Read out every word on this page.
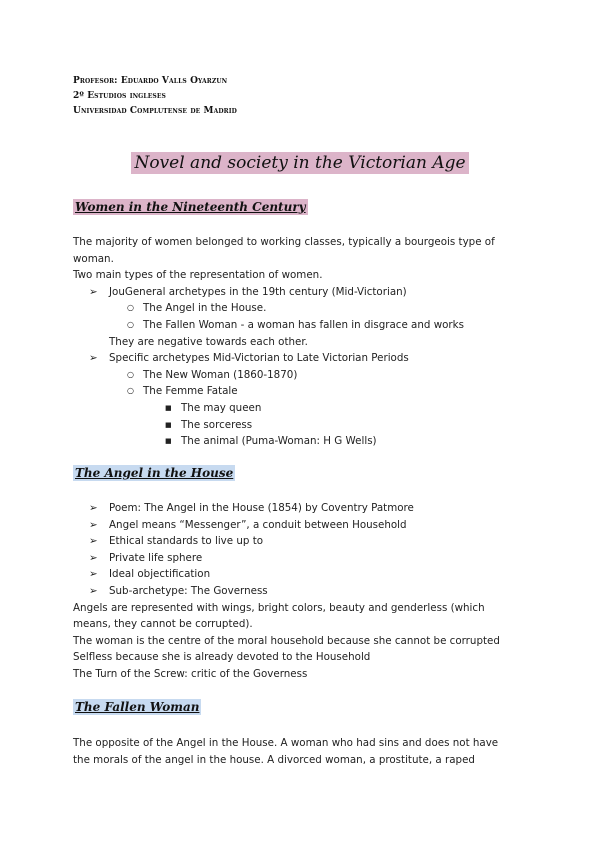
Profesor: Eduardo Valls Oyarzun
2º Estudios ingleses
Universidad Complutense de Madrid
Novel and society in the Victorian Age
Women in the Nineteenth Century
The majority of women belonged to working classes, typically a bourgeois type of
woman.
Two main types of the representation of women.
➢ JouGeneral archetypes in the 19th century (Mid-Victorian)
○ The Angel in the House.
○ The Fallen Woman - a woman has fallen in disgrace and works
They are negative towards each other.
➢ Specific archetypes Mid-Victorian to Late Victorian Periods
○ The New Woman (1860-1870)
○ The Femme Fatale
■ The may queen
■ The sorceress
■ The animal (Puma-Woman: H G Wells)
The Angel in the House
➢ Poem: The Angel in the House (1854) by Coventry Patmore
➢ Angel means “Messenger”, a conduit between Household
➢ Ethical standards to live up to
➢ Private life sphere
➢ Ideal objectification
➢ Sub-archetype: The Governess
Angels are represented with wings, bright colors, beauty and genderless (which
means, they cannot be corrupted).
The woman is the centre of the moral household because she cannot be corrupted
Selfless because she is already devoted to the Household
The Turn of the Screw: critic of the Governess
The Fallen Woman
The opposite of the Angel in the House. A woman who had sins and does not have
the morals of the angel in the house. A divorced woman, a prostitute, a raped
